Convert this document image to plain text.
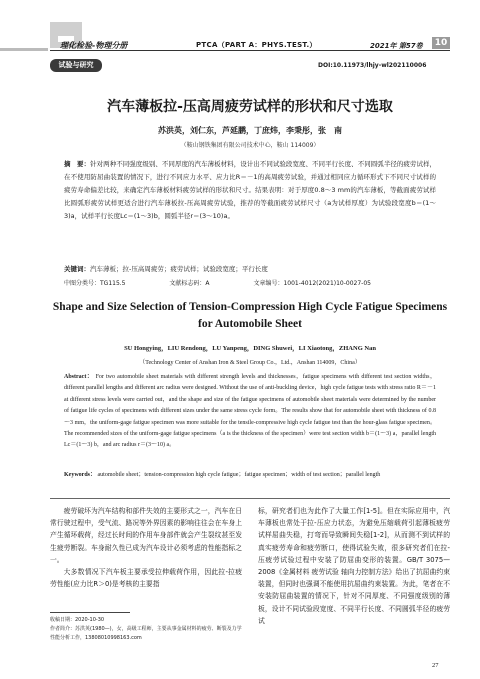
理化检验-物理分册	PTCA（PART A：PHYS.TEST.）	2021年 第57卷	10
试验与研究	DOI:10.11973/lhjy-wl202110006
汽车薄板拉-压高周疲劳试样的形状和尺寸选取
苏洪英，刘仁东，芦延鹏，丁庶炜，李秉彤，张　南
（鞍山钢铁集团有限公司技术中心，鞍山 114009）
摘　要：针对两种不同强度级别、不同厚度的汽车薄板材料，设计出不同试验段宽度、不同平行长度、不同圆弧半径的疲劳试样，在不使用防屈曲装置的情况下，进行不同应力水平、应力比R＝－1的高周疲劳试验，并通过相同应力循环形式下不同尺寸试样的疲劳寿命偏差比较，来确定汽车薄板材料疲劳试样的形状和尺寸。结果表明：对于厚度0.8～3 mm的汽车薄板，等截面疲劳试样比圆弧形疲劳试样更适合进行汽车薄板拉-压高周疲劳试验，推荐的等截面疲劳试样尺寸（a为试样厚度）为试验段宽度b＝(1～3)a，试样平行长度Lc＝(1～3)b，圆弧半径r＝(3～10)a。
关键词：汽车薄板；拉-压高周疲劳；疲劳试样；试验段宽度；平行长度
中图分类号：TG115.5	文献标志码：A	文章编号：1001-4012(2021)10-0027-05
Shape and Size Selection of Tension-Compression High Cycle Fatigue Specimens for Automobile Sheet
SU Hongying，LIU Rendong，LU Yanpeng，DING Shuwei，LI Xiaotong，ZHANG Nan
（Technology Center of Anshan Iron & Steel Group Co.，Ltd.，Anshan 114009，China）
Abstract： For two automobile sheet materials with different strength levels and thicknesses，fatigue specimens with different test section widths，different parallel lengths and different arc radius were designed. Without the use of anti-buckling device，high cycle fatigue tests with stress ratio R＝－1 at different stress levels were carried out，and the shape and size of the fatigue specimens of automobile sheet materials were determined by the number of fatigue life cycles of specimens with different sizes under the same stress cycle form。The results show that for automobile sheet with thickness of 0.8～3 mm，the uniform-gage fatigue specimen was more suitable for the tensile-compressive high cycle fatigue test than the hour-glass fatigue specimen。The recommended sizes of the uniform-gage fatigue specimens（a is the thickness of the specimen）were test section width b＝(1～3) a，parallel length Lc＝(1～3) b，and arc radius r＝(3～10) a。
Keywords： automobile sheet；tension-compression high cycle fatigue；fatigue specimen；width of test section；parallel length

疲劳破坏为汽车结构和部件失效的主要形式之一，汽车在日常行驶过程中，受气流、路况等外界因素的影响往往会在车身上产生循环载荷，经过长时间的作用车身部件就会产生裂纹甚至发生疲劳断裂。车身耐久性已成为汽车设计必须考虑的性能指标之一。

大多数情况下汽车板主要承受拉伸载荷作用，因此拉-拉疲劳性能(应力比R＞0)是考核的主要指

标，研究者们也为此作了大量工作[1-5]。但在实际应用中，汽车薄板也常处于拉-压应力状态，为避免压缩载荷引起薄板疲劳试样屈曲失稳，打弯而导致瞬间失稳[1-2]，从而测不到试样的真实疲劳寿命和疲劳断口，使得试验失败，很多研究者们在拉-压疲劳试验过程中安装了防屈曲变形的装置。GB/T 3075—2008《金属材料 疲劳试验 轴向力控制方法》给出了抗屈曲约束装置，但同时也强调不能使用抗屈曲约束装置。为此，笔者在不安装防屈曲装置的情况下，针对不同厚度、不同强度级别的薄板，设计不同试验段宽度、不同平行长度、不同圆弧半径的疲劳试

收稿日期：2020-10-30
作者简介：苏洪英(1980—)，女，高级工程师，主要从事金属材料的疲劳、断裂及力学性能分析工作，13808010998163.com
27
